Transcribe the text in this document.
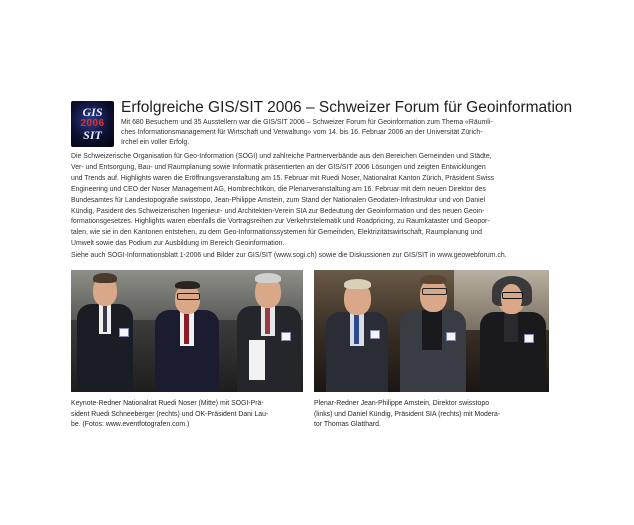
GIS
2006
SIT
Erfolgreiche GIS/SIT 2006 – Schweizer Forum für Geoinformation

Mit 680 Besuchern und 35 Ausstellern war die GIS/SIT 2006 – Schweizer Forum für Geoinformation zum Thema «Räumli-
ches Informationsmanagement für Wirtschaft und Verwaltung» vom 14. bis 16. Februar 2006 an der Universität Zürich-
Irchel ein voller Erfolg.

Die Schweizerische Organisation für Geo-Information (SOGI) und zahlreiche Partnerverbände aus den Bereichen Gemeinden und Städte,
Ver- und Entsorgung, Bau- und Raumplanung sowie Informatik präsentierten an der GIS/SIT 2006 Lösungen und zeigten Entwicklungen
und Trends auf. Highlights waren die Eröffnungsveranstaltung am 15. Februar mit Ruedi Noser, Nationalrat Kanton Zürich, Präsident Swiss
Engineering und CEO der Noser Management AG, Hombrechtikon, die Plenarveranstaltung am 16. Februar mit dem neuen Direktor des
Bundesamtes für Landestopografie swisstopo, Jean-Philippe Amstein, zum Stand der Nationalen Geodaten-Infrastruktur und von Daniel
Kündig, Pasident des Schweizerischen Ingenieur- und Architekten-Verein SIA zur Bedeutung der Geoinformation und des neuen Geoin-
formationsgesetzes. Highlights waren ebenfalls die Vortragsreihen zur Verkehrstelematik und Roadpricing, zu Raumkataster und Geopor-
talen, wie sie in den Kantonen entstehen, zu dem Geo-Informationssystemen für Gemeinden, Elektrizitätswirtschaft, Raumplanung und
Umwelt sowie das Podium zur Ausbildung im Bereich Geoinformation.

Siehe auch SOGI-Informationsblatt 1-2006 und Bilder zur GIS/SIT (www.sogi.ch) sowie die Diskussionen zur GIS/SIT in www.geowebforum.ch.

Keynote-Redner Nationalrat Ruedi Noser (Mitte) mit SOGI-Prä-
sident Ruedi Schneeberger (rechts) und OK-Präsident Dani Lau-
be. (Fotos: www.eventfotografen.com.)

Plenar-Redner Jean-Philippe Amstein, Direktor swisstopo
(links) und Daniel Kündig, Präsident SIA (rechts) mit Modera-
tor Thomas Glatthard.
